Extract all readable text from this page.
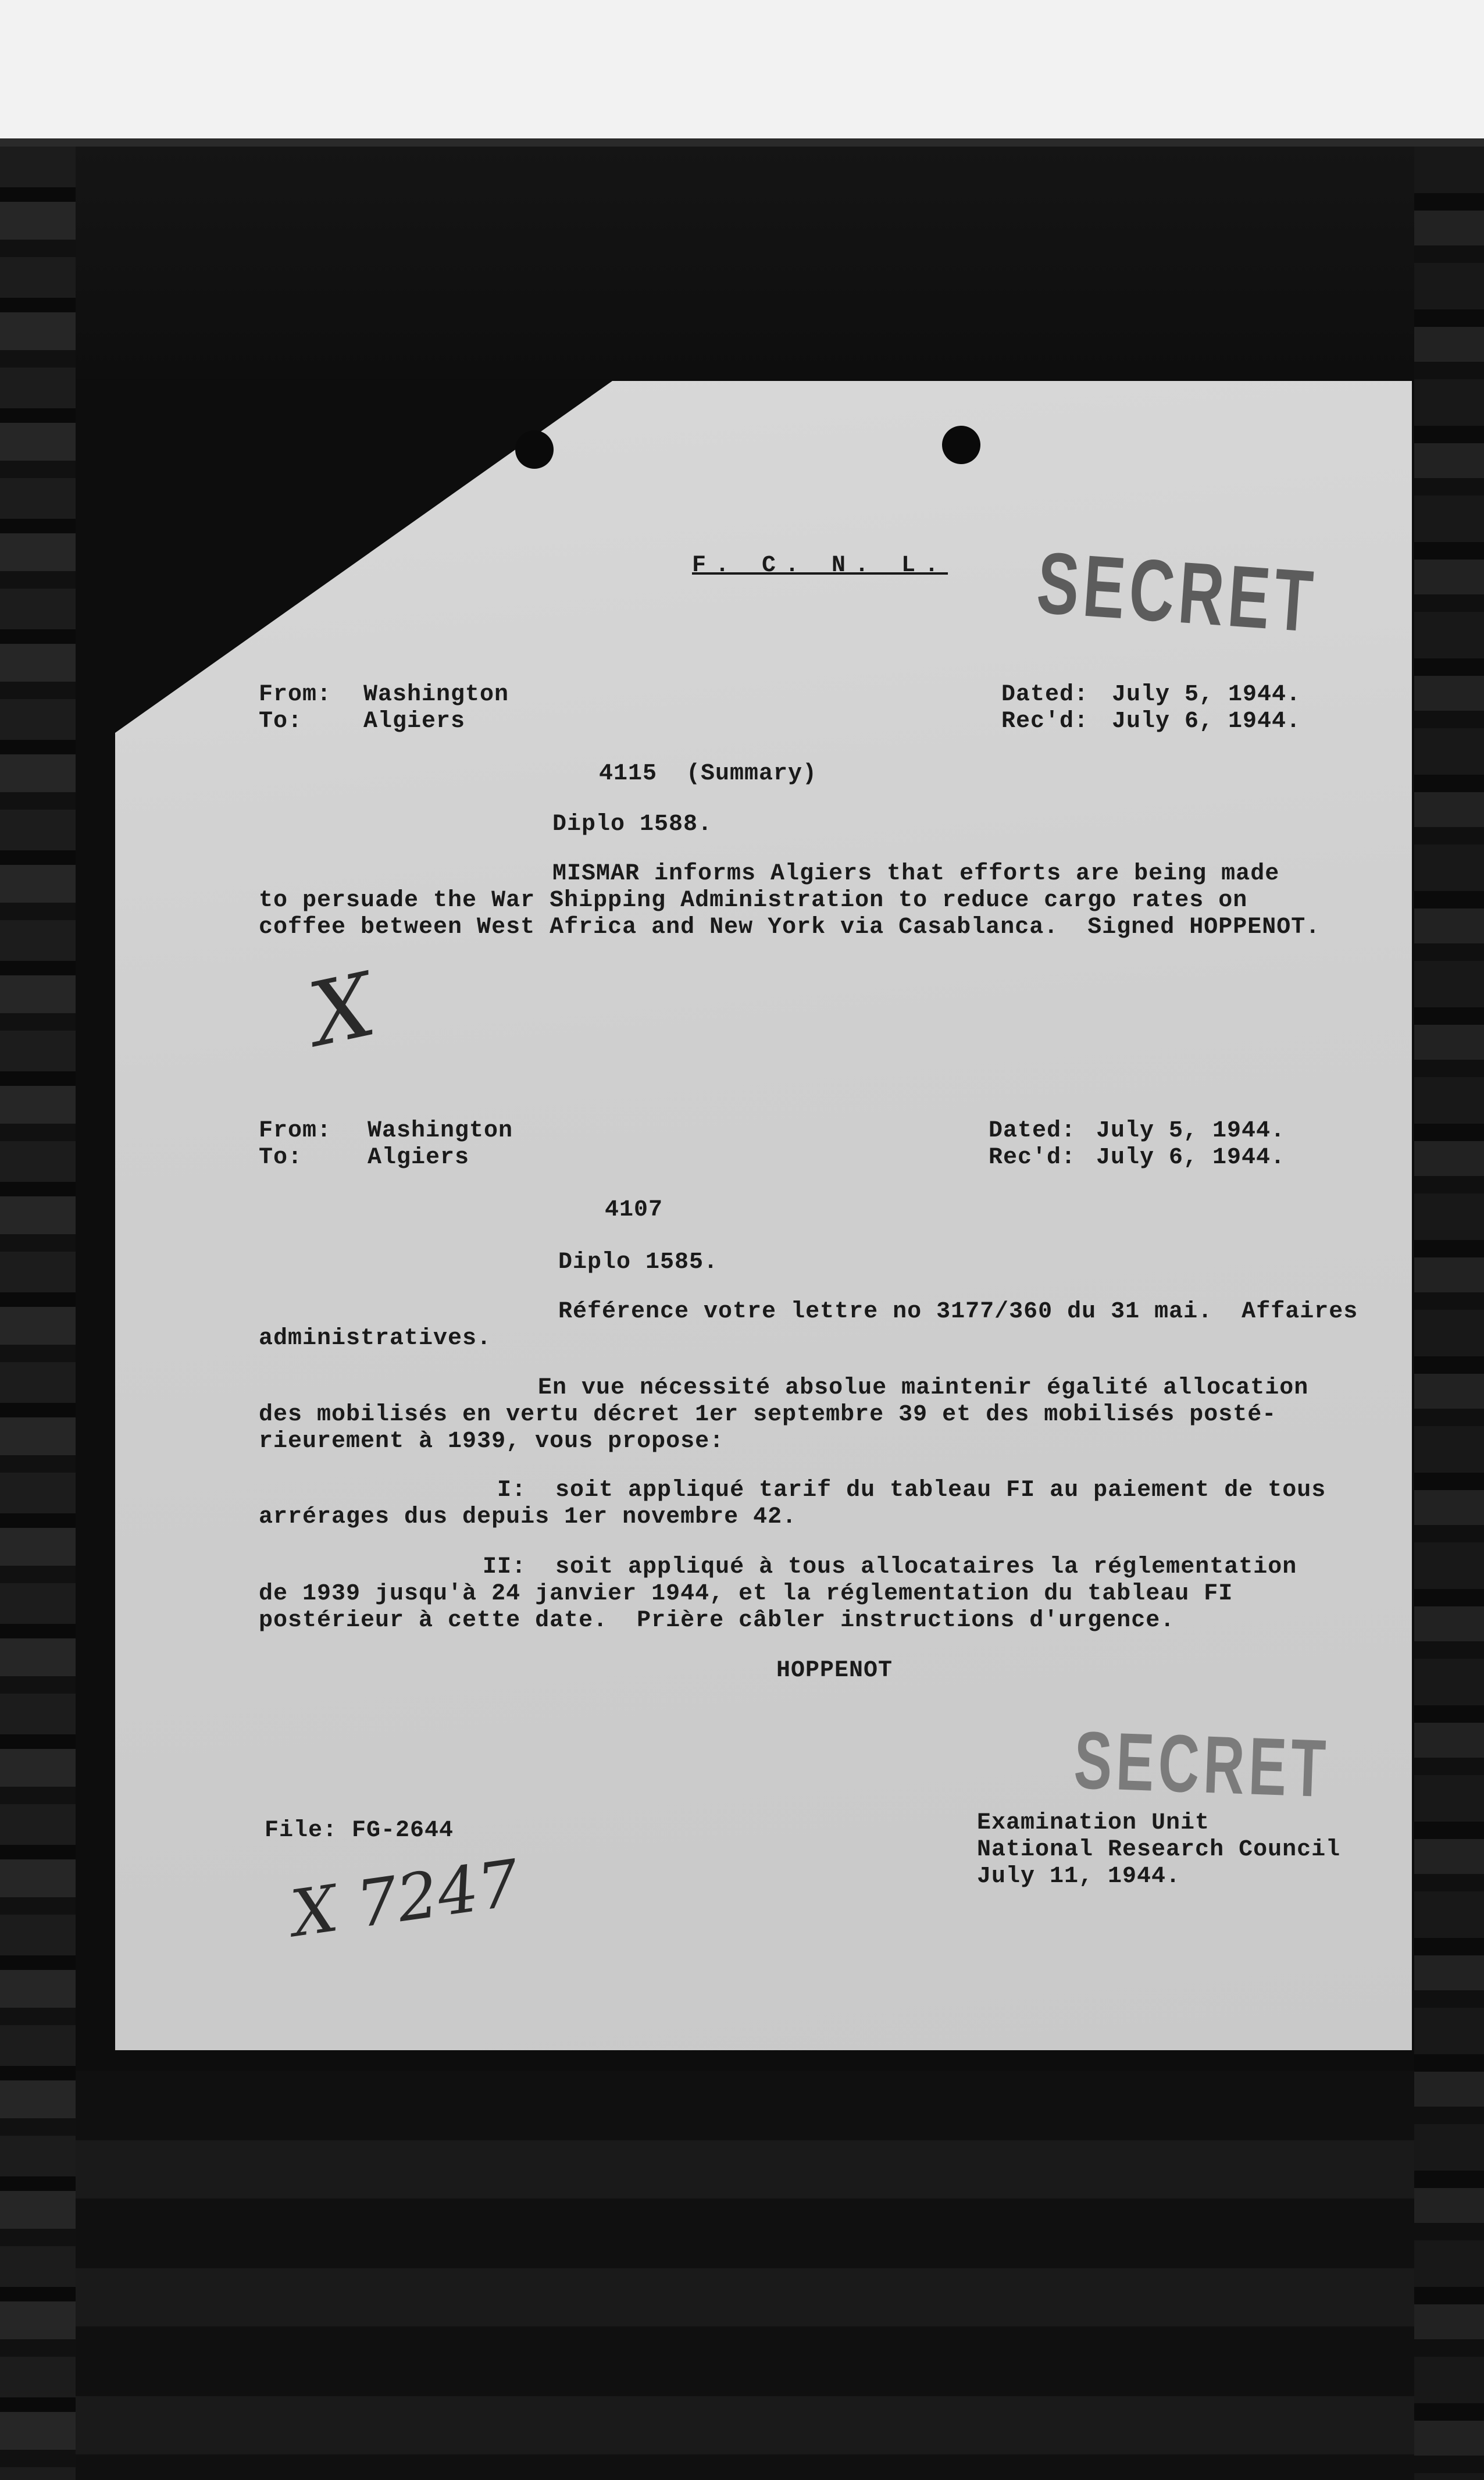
SECRET
F. C. N. L.
From: Washington
To:	Algiers
Dated: July 5, 1944.
Rec'd: July 6, 1944.
4115  (Summary)
Diplo 1588.
MISMAR informs Algiers that efforts are being made
to persuade the War Shipping Administration to reduce cargo rates on
coffee between West Africa and New York via Casablanca.  Signed HOPPENOT.
X
From: Washington
To:	Algiers
Dated: July 5, 1944.
Rec'd: July 6, 1944.
4107
Diplo 1585.
Référence votre lettre no 3177/360 du 31 mai.  Affaires
administratives.
En vue nécessité absolue maintenir égalité allocation
des mobilisés en vertu décret 1er septembre 39 et des mobilisés posté-
rieurement à 1939, vous propose:
I:  soit appliqué tarif du tableau FI au paiement de tous
arrérages dus depuis 1er novembre 42.
II:  soit appliqué à tous allocataires la réglementation
de 1939 jusqu'à 24 janvier 1944, et la réglementation du tableau FI
postérieur à cette date.  Prière câbler instructions d'urgence.
HOPPENOT
SECRET
File: FG-2644	Examination Unit
National Research Council
July 11, 1944.
X 7247
